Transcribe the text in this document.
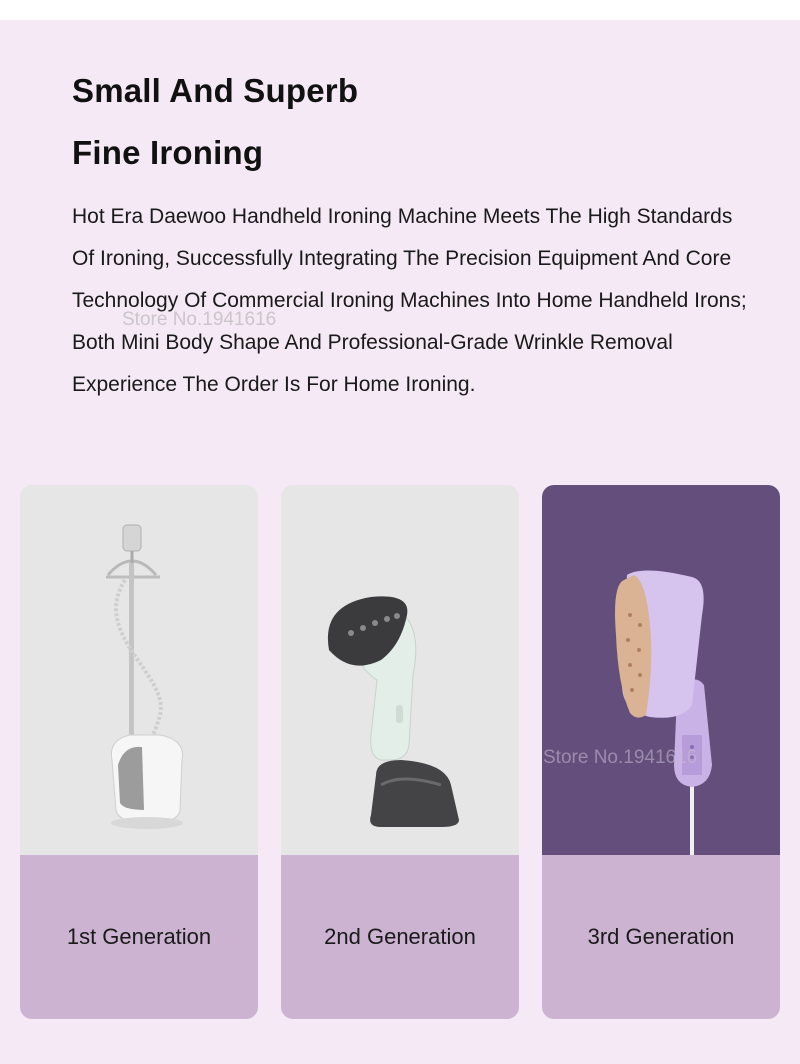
Small And Superb
Fine Ironing

Hot Era Daewoo Handheld Ironing Machine Meets The High Standards Of Ironing, Successfully Integrating The Precision Equipment And Core Technology Of Commercial Ironing Machines Into Home Handheld Irons; Both Mini Body Shape And Professional-Grade Wrinkle Removal Experience The Order Is For Home Ironing.

Store No.1941616
1st Generation	2nd Generation	3rd Generation
Store No.1941616
